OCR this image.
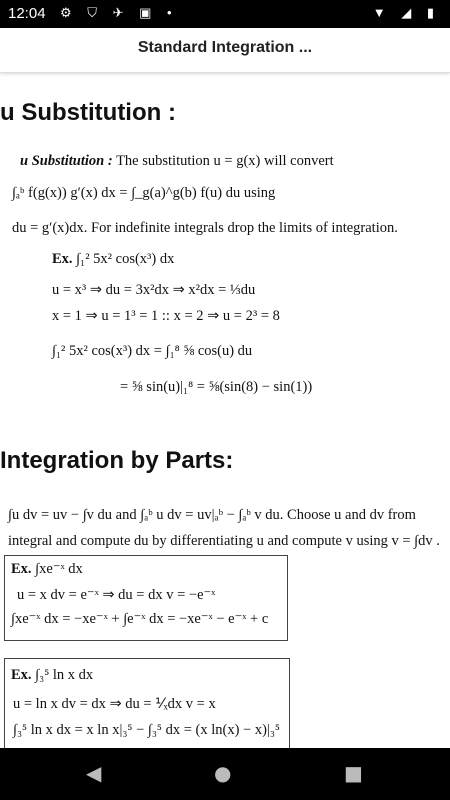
12:04 ⚙ ⛉ ✈ ▣ •	▼ ◢ ▮
Standard Integration ...
u Substitution :
u Substitution : The substitution u = g(x) will convert
∫ₐᵇ f(g(x)) g′(x) dx = ∫_g(a)^g(b) f(u) du using
du = g′(x)dx. For indefinite integrals drop the limits of integration.
Ex. ∫₁² 5x² cos(x³) dx
u = x³ ⇒ du = 3x²dx ⇒ x²dx = ⅓du
x = 1 ⇒ u = 1³ = 1 :: x = 2 ⇒ u = 2³ = 8
∫₁² 5x² cos(x³) dx = ∫₁⁸ ⅝ cos(u) du
= ⅝ sin(u)|₁⁸ = ⅝(sin(8) − sin(1))
Integration by Parts:
∫u dv = uv − ∫v du and ∫ₐᵇ u dv = uv|ₐᵇ − ∫ₐᵇ v du. Choose u and dv from
integral and compute du by differentiating u and compute v using v = ∫dv .
Ex. ∫xe⁻ˣ dx
u = x dv = e⁻ˣ ⇒ du = dx v = −e⁻ˣ
∫xe⁻ˣ dx = −xe⁻ˣ + ∫e⁻ˣ dx = −xe⁻ˣ − e⁻ˣ + c
Ex. ∫₃⁵ ln x dx
u = ln x dv = dx ⇒ du = ⅟ₓdx v = x
∫₃⁵ ln x dx = x ln x|₃⁵ − ∫₃⁵ dx = (x ln(x) − x)|₃⁵
◀	●	■
